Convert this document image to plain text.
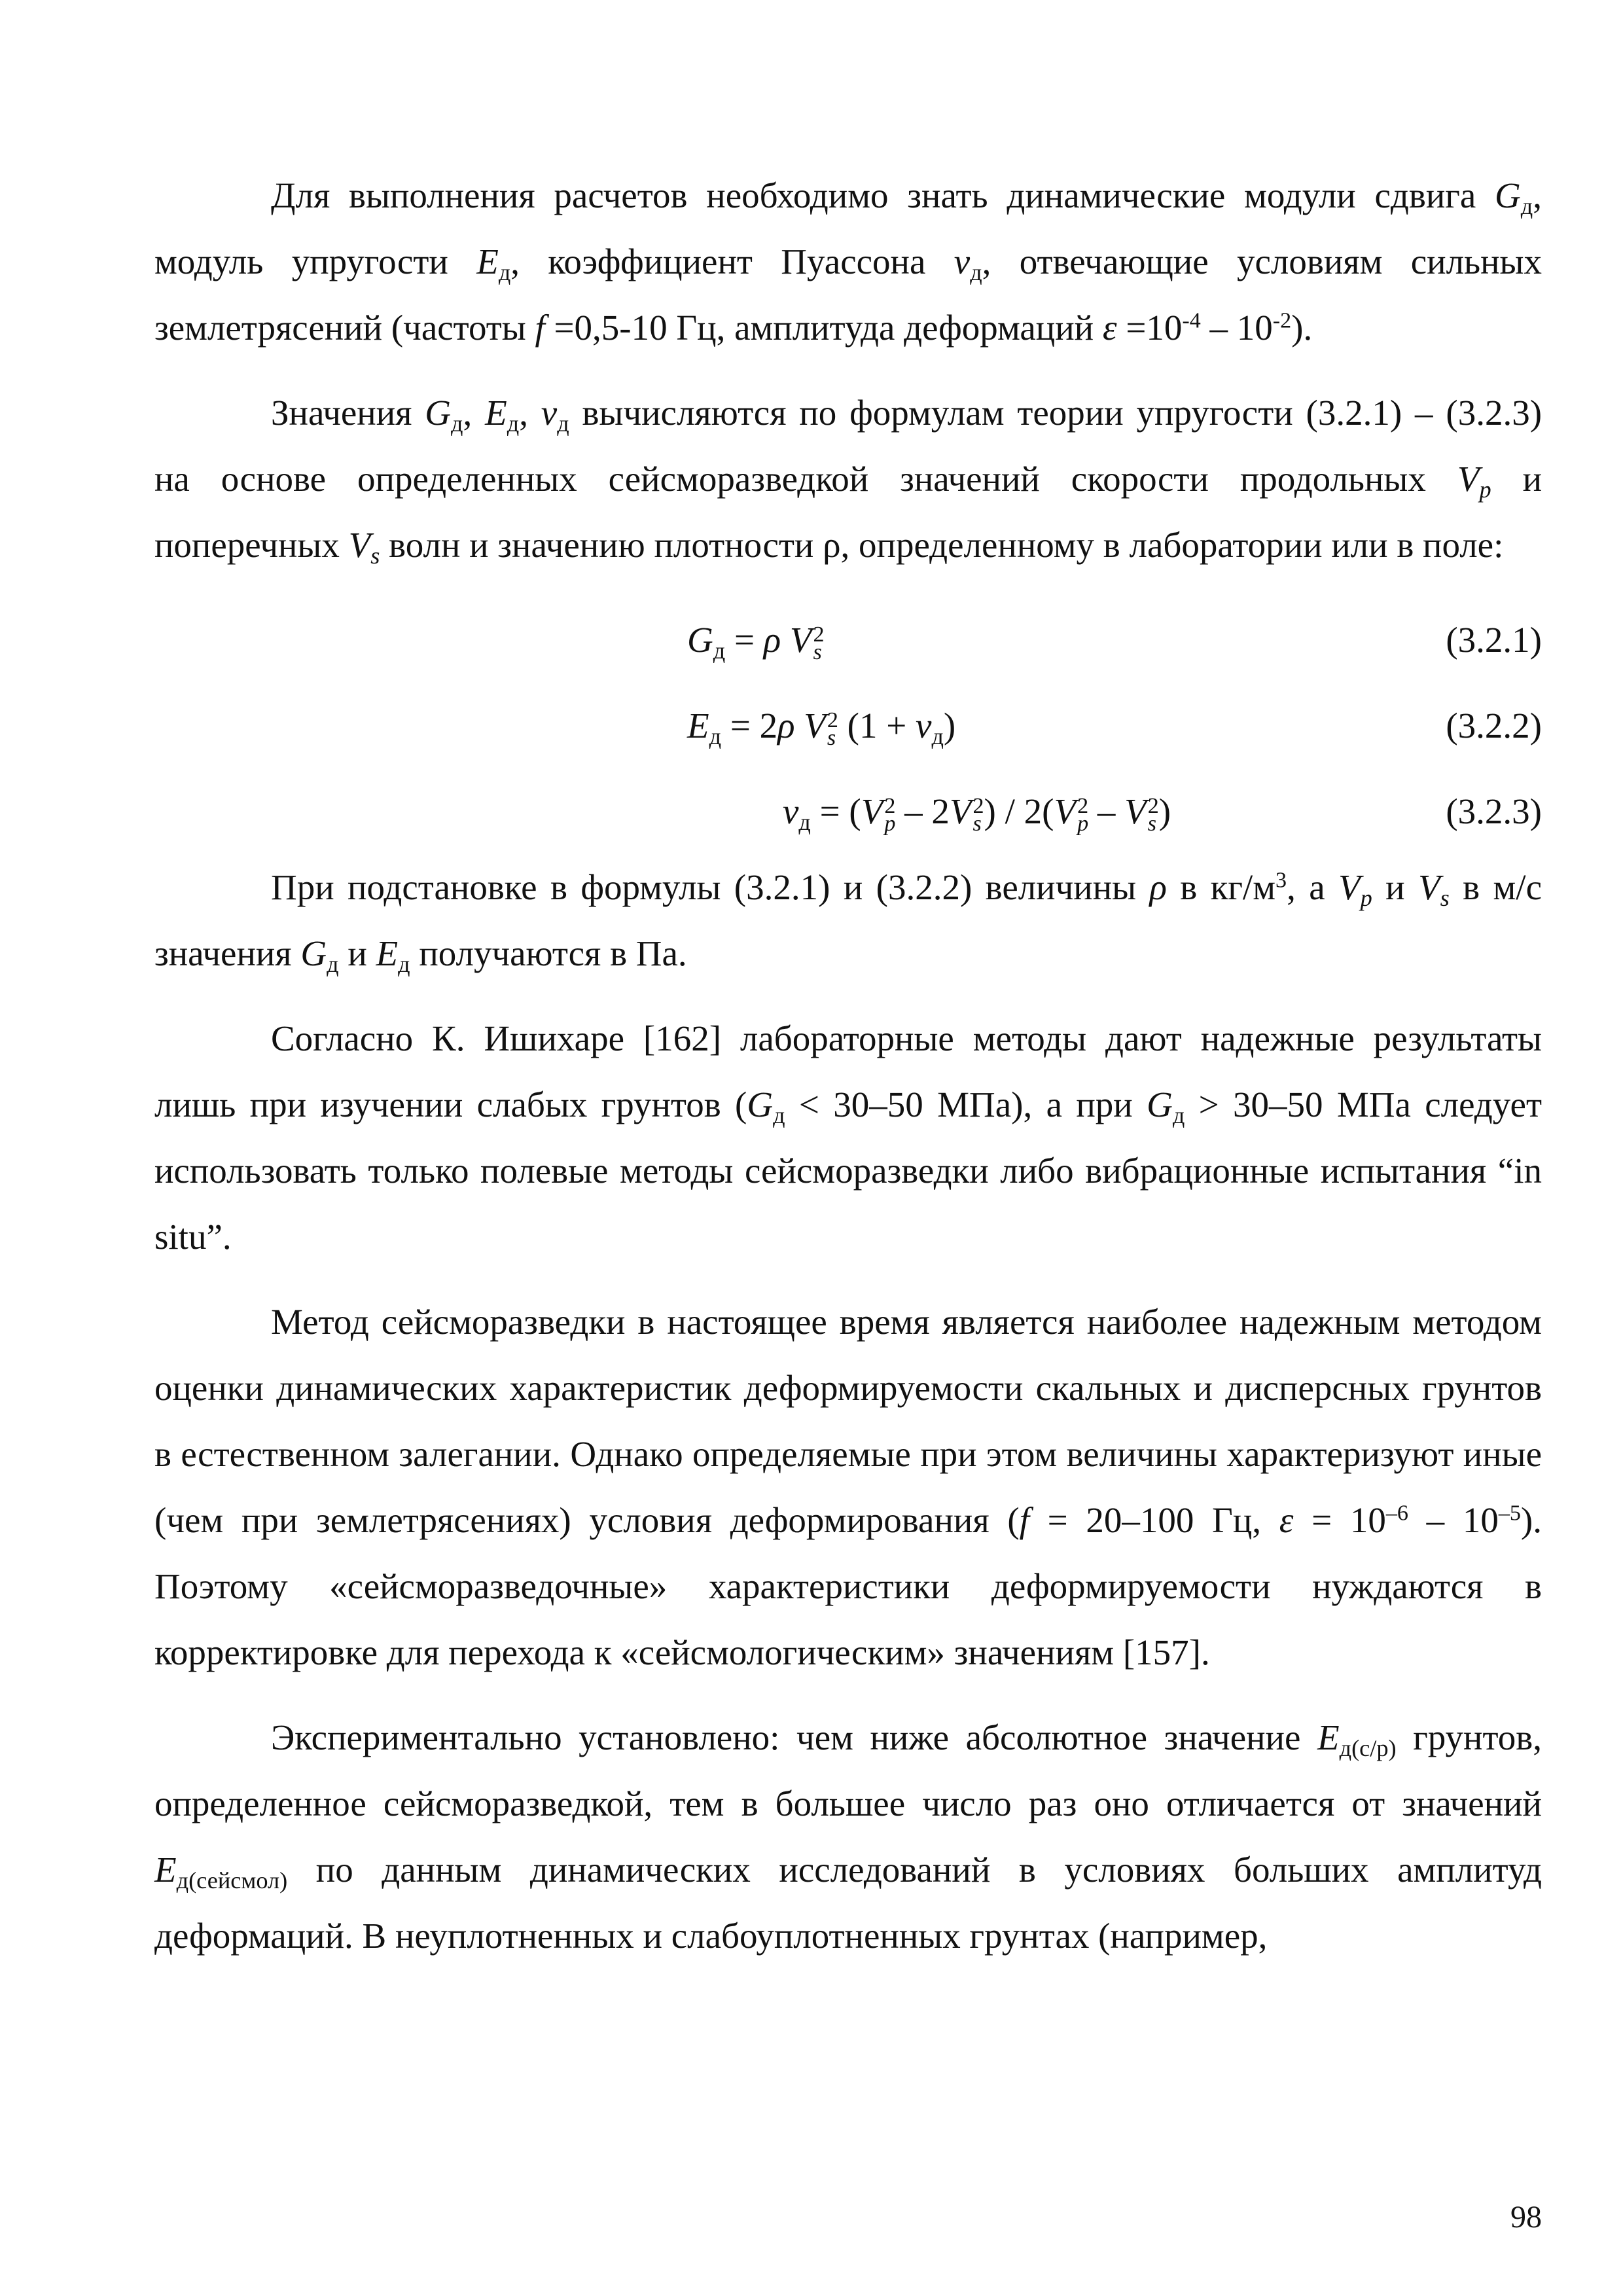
Для выполнения расчетов необходимо знать динамические модули сдвига $G_д$, модуль упругости $E_д$, коэффициент Пуассона $\nu_д$, отвечающие условиям сильных землетрясений (частоты f =0,5-10 Гц, амплитуда деформаций $\varepsilon =10^{-4} - 10^{-2}$).

Значения $G_д$, $E_д$, $\nu_д$ вычисляются по формулам теории упругости (3.2.1) – (3.2.3) на основе определенных сейсморазведкой значений скорости продольных $V_p$ и поперечных $V_s$ волн и значению плотности ρ, определенному в лаборатории или в поле:

$G_д = \rho$ V 2
s	(3.2.1)
$E_д = 2\rho$ V 2
s $(1 + \nu_д)$	(3.2.2)
$\nu_д = (V$ 2
p – 2V 2
s ) / 2(V 2
p – V 2
s )	(3.2.3)

При подстановке в формулы (3.2.1) и (3.2.2) величины ρ в $кг/м^3$, а $V_p$ и $V_s$ в м/с значения $G_д$ и $E_д$ получаются в Па.

Согласно К. Ишихаре [162] лабораторные методы дают надежные результаты лишь при изучении слабых грунтов ($G_д < 30-50$ МПа), а при $G_д > 30-50$ МПа следует использовать только полевые методы сейсморазведки либо вибрационные испытания “in situ”.

Метод сейсморазведки в настоящее время является наиболее надежным методом оценки динамических характеристик деформируемости скальных и дисперсных грунтов в естественном залегании. Однако определяемые при этом величины характеризуют иные (чем при землетрясениях) условия деформирования (f = 20–100 Гц, $\varepsilon = 10^{-6} - 10^{-5}$). Поэтому «сейсморазведочные» характеристики деформируемости нуждаются в корректировке для перехода к «сейсмологическим» значениям [157].

Экспериментально установлено: чем ниже абсолютное значение $E_{д(с/р)}$ грунтов, определенное сейсморазведкой, тем в большее число раз оно отличается от значений $E_{д(сейсмол)}$ по данным динамических исследований в условиях больших амплитуд деформаций. В неуплотненных и слабоуплотненных грунтах (например,

98
